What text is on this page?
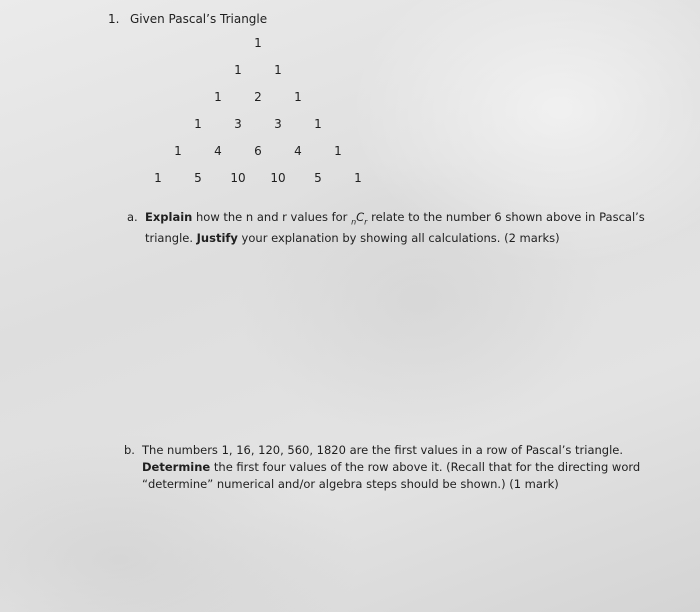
1. Given Pascal’s Triangle
1
1	1
1	2	1
1	3	3	1
1	4	6	4	1
1	5 10 10 5	1
a. Explain how the n and r values for $_nC_r$ relate to the number 6 shown above in Pascal’s
triangle. Justify your explanation by showing all calculations. (2 marks)
b. The numbers 1, 16, 120, 560, 1820 are the first values in a row of Pascal’s triangle.
Determine the first four values of the row above it. (Recall that for the directing word
“determine” numerical and/or algebra steps should be shown.) (1 mark)
